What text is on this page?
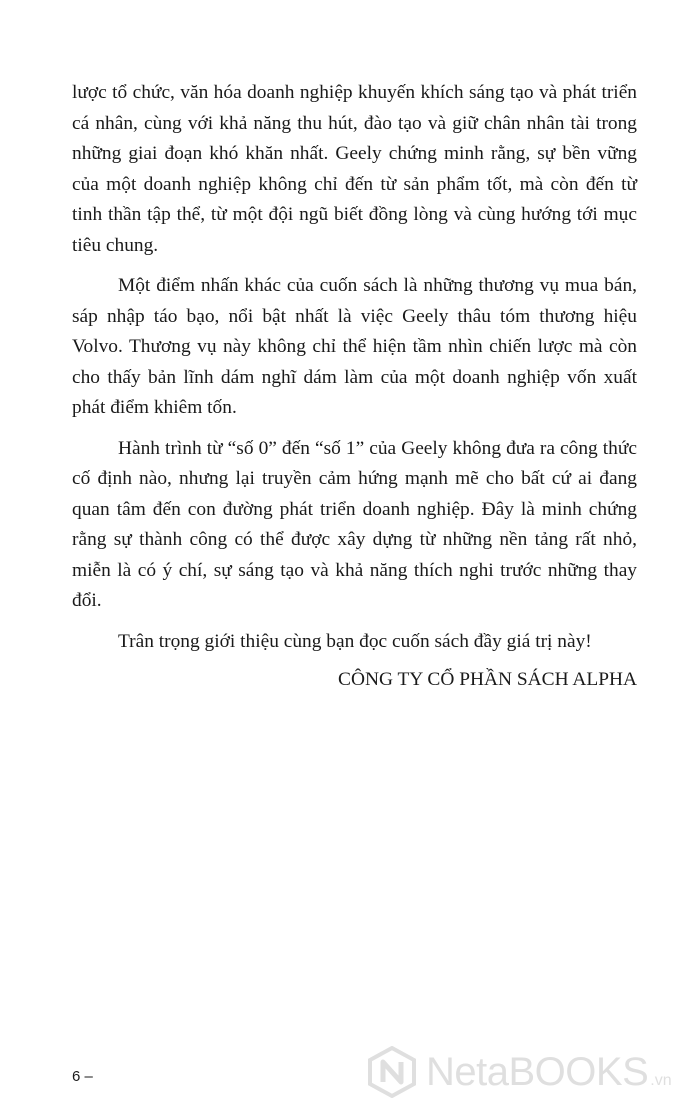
lược tổ chức, văn hóa doanh nghiệp khuyến khích sáng tạo và phát triển cá nhân, cùng với khả năng thu hút, đào tạo và giữ chân nhân tài trong những giai đoạn khó khăn nhất. Geely chứng minh rằng, sự bền vững của một doanh nghiệp không chỉ đến từ sản phẩm tốt, mà còn đến từ tinh thần tập thể, từ một đội ngũ biết đồng lòng và cùng hướng tới mục tiêu chung.

Một điểm nhấn khác của cuốn sách là những thương vụ mua bán, sáp nhập táo bạo, nổi bật nhất là việc Geely thâu tóm thương hiệu Volvo. Thương vụ này không chỉ thể hiện tầm nhìn chiến lược mà còn cho thấy bản lĩnh dám nghĩ dám làm của một doanh nghiệp vốn xuất phát điểm khiêm tốn.

Hành trình từ “số 0” đến “số 1” của Geely không đưa ra công thức cố định nào, nhưng lại truyền cảm hứng mạnh mẽ cho bất cứ ai đang quan tâm đến con đường phát triển doanh nghiệp. Đây là minh chứng rằng sự thành công có thể được xây dựng từ những nền tảng rất nhỏ, miễn là có ý chí, sự sáng tạo và khả năng thích nghi trước những thay đổi.

Trân trọng giới thiệu cùng bạn đọc cuốn sách đầy giá trị này!

CÔNG TY CỔ PHẦN SÁCH ALPHA

6 –	NetaBOOKS .vn
